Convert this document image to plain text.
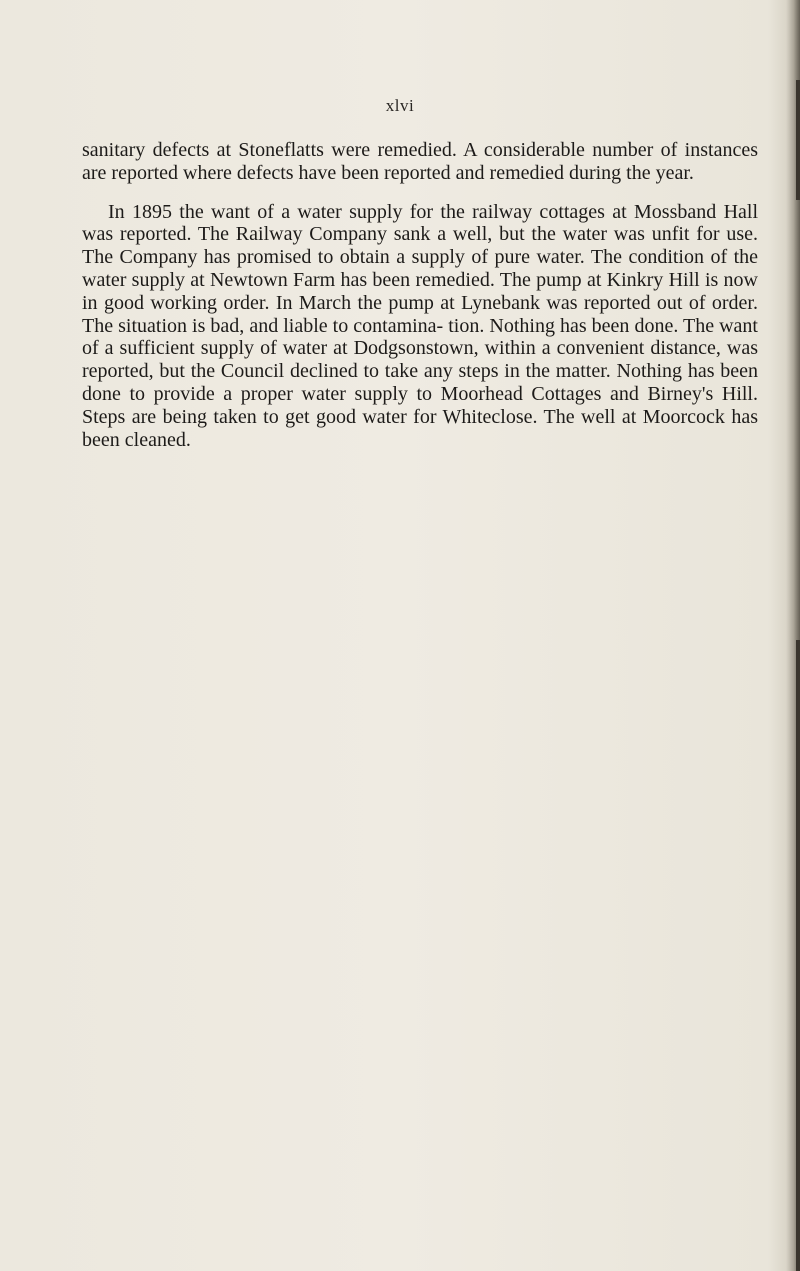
xlvi

sanitary defects at Stoneflatts were remedied. A considerable number of instances are reported where defects have been reported and remedied during the year.

In 1895 the want of a water supply for the railway cottages at Mossband Hall was reported. The Railway Company sank a well, but the water was unfit for use. The Company has promised to obtain a supply of pure water. The condition of the water supply at Newtown Farm has been remedied. The pump at Kinkry Hill is now in good working order. In March the pump at Lynebank was reported out of order. The situation is bad, and liable to contamina- tion. Nothing has been done. The want of a sufficient supply of water at Dodgsonstown, within a convenient distance, was reported, but the Council declined to take any steps in the matter. Nothing has been done to provide a proper water supply to Moorhead Cottages and Birney's Hill. Steps are being taken to get good water for Whiteclose. The well at Moorcock has been cleaned.
